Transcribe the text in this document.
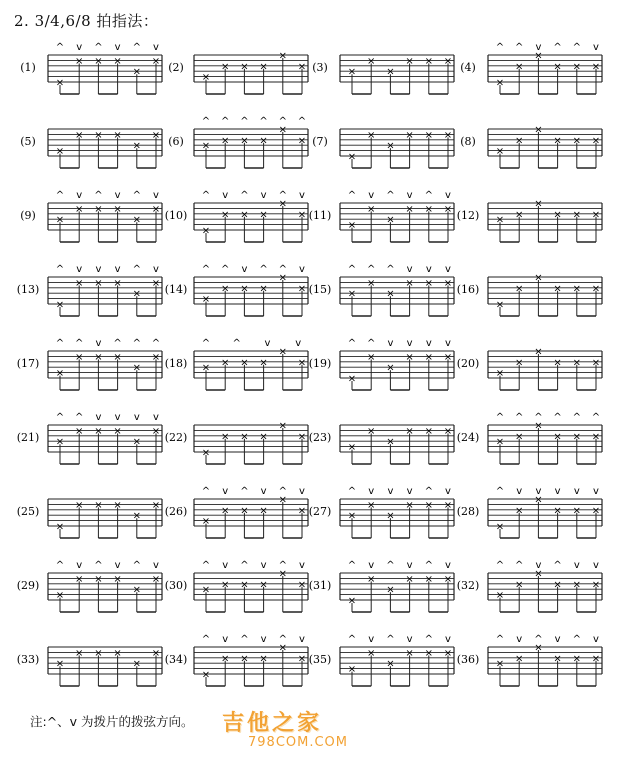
2. 3/4,6/8 拍指法：
(1)
×
× × ×
×
×
^ v ^ v ^ v
(2)
×
× × ×
×
× (3) ×
×
×
× × × (4)
×
×
×
× × ×
^ ^ v ^ ^ v
(5)
×
× × ×
×
× (6) × × × ×
×
×
^ ^ ^ ^ ^ ^
(7)
×
×
×
× × × (8)
×
×
×
× × ×
(9) ×
× × ×
×
×
^ v ^ v ^ v
(10)
×
× × ×
×
×
^ v ^ v ^ v
(11)
×
×
×
× × ×
^ v ^ v ^ v
(12) × ×
×
× × ×
(13)
×
× × ×
×
×
^ v v v ^ v
(14)
×
× × ×
×
×
^ ^ v ^ ^ v
(15) ×
×
×
× × ×
^ ^ ^ v v v
(16)
×
×
×
× × ×
(17)
×
× × ×
×
×
^ ^ v ^ ^ ^
(18) × × × ×
×
×
^ ^ v v
(19)
×
×
×
× × ×
^ ^ v v v v
(20)
×
×
×
× × ×
(21) ×
× × ×
×
×
^ ^ v v v v
(22)
×
× × ×
×
× (23)
×
×
×
× × × (24) × ×
×
× × ×
^ ^ ^ ^ ^ ^
(25)
×
× × ×
×
× (26)
×
× × ×
×
×
^ v ^ v ^ v
(27) ×
×
×
× × ×
^ v v v ^ v
(28)
×
×
×
× × ×
^ v v v v v
(29)
×
× × ×
×
×
^ v ^ v ^ v
(30) × × × ×
×
×
^ v ^ v ^ v
(31)
×
×
×
× × ×
^ v ^ v ^ v
(32)
×
×
×
× × ×
^ ^ v ^ v v
(33) ×
× × ×
×
× (34)
×
× × ×
×
×
^ v ^ v ^ v
(35)
×
×
×
× × ×
^ v ^ v ^ v
(36) × ×
×
× × ×
^ v ^ v ^ v
注:^、v 为拨片的拨弦方向。 吉他之家
798COM.COM
